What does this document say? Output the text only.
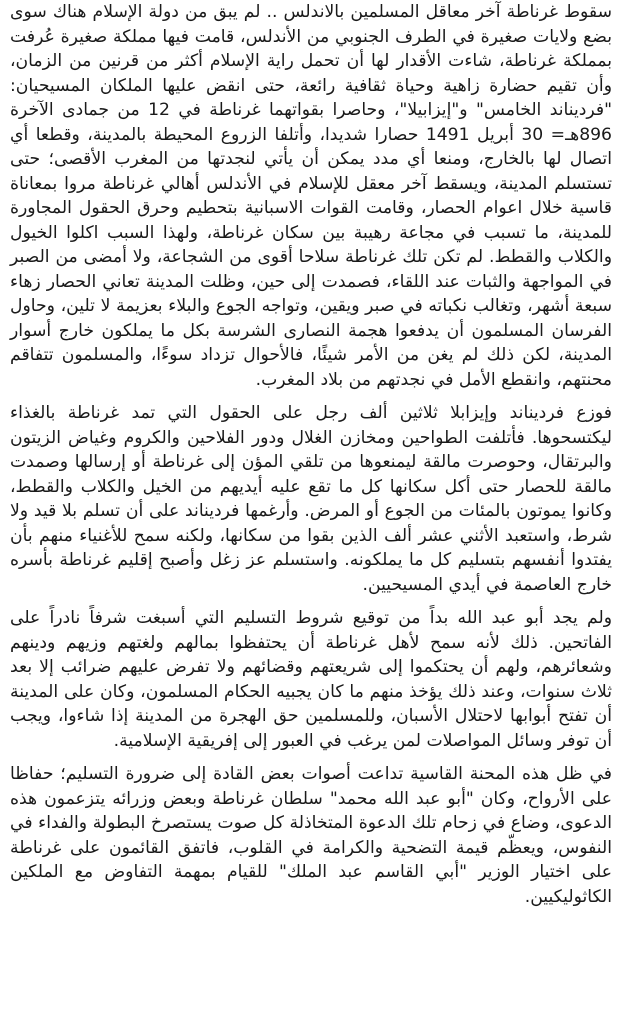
سقوط غرناطة آخر معاقل المسلمين بالاندلس .. لم يبق من دولة الإسلام هناك سوى بضع ولايات صغيرة في الطرف الجنوبي من الأندلس، قامت فيها مملكة صغيرة عُرفت بمملكة غرناطة، شاءت الأقدار لها أن تحمل راية الإسلام أكثر من قرنين من الزمان، وأن تقيم حضارة زاهية وحياة ثقافية رائعة، حتى انقض عليها الملكان المسيحيان: "فرديناند الخامس" و"إيزابيلا"، وحاصرا بقواتهما غرناطة في 12 من جمادى الآخرة 896هـ= 30 أبريل 1491 حصارا شديدا، وأتلفا الزروع المحيطة بالمدينة، وقطعا أي اتصال لها بالخارج، ومنعا أي مدد يمكن أن يأتي لنجدتها من المغرب الأقصى؛ حتى تستسلم المدينة، ويسقط آخر معقل للإسلام في الأندلس أهالي غرناطة مروا بمعاناة قاسية خلال اعوام الحصار، وقامت القوات الاسبانية بتحطيم وحرق الحقول المجاورة للمدينة، ما تسبب في مجاعة رهيبة بين سكان غرناطة، ولهذا السبب اكلوا الخيول والكلاب والقطط. لم تكن تلك غرناطة سلاحا أقوى من الشجاعة، ولا أمضى من الصبر في المواجهة والثبات عند اللقاء، فصمدت إلى حين، وظلت المدينة تعاني الحصار زهاء سبعة أشهر، وتغالب نكباته في صبر ويقين، وتواجه الجوع والبلاء بعزيمة لا تلين، وحاول الفرسان المسلمون أن يدفعوا هجمة النصارى الشرسة بكل ما يملكون خارج أسوار المدينة، لكن ذلك لم يغن من الأمر شيئًا، فالأحوال تزداد سوءًا، والمسلمون تتفاقم محنتهم، وانقطع الأمل في نجدتهم من بلاد المغرب.

فوزع فرديناند وإيزابلا ثلاثين ألف رجل على الحقول التي تمد غرناطة بالغذاء ليكتسحوها. فأتلفت الطواحين ومخازن الغلال ودور الفلاحين والكروم وغياض الزيتون والبرتقال، وحوصرت مالقة ليمنعوها من تلقي المؤن إلى غرناطة أو إرسالها وصمدت مالقة للحصار حتى أكل سكانها كل ما تقع عليه أيديهم من الخيل والكلاب والقطط، وكانوا يموتون بالمئات من الجوع أو المرض. وأرغمها فرديناند على أن تسلم بلا قيد ولا شرط، واستعبد الأثني عشر ألف الذين بقوا من سكانها، ولكنه سمح للأغنياء منهم بأن يفتدوا أنفسهم بتسليم كل ما يملكونه. واستسلم عز زغل وأصبح إقليم غرناطة بأسره خارج العاصمة في أيدي المسيحيين.

ولم يجد أبو عبد الله بداً من توقيع شروط التسليم التي أسبغت شرفاً نادراً على الفاتحين. ذلك لأنه سمح لأهل غرناطة أن يحتفظوا بمالهم ولغتهم وزيهم ودينهم وشعائرهم، ولهم أن يحتكموا إلى شريعتهم وقضائهم ولا تفرض عليهم ضرائب إلا بعد ثلاث سنوات، وعند ذلك يؤخذ منهم ما كان يجبيه الحكام المسلمون، وكان على المدينة أن تفتح أبوابها لاحتلال الأسبان، وللمسلمين حق الهجرة من المدينة إذا شاءوا، ويجب أن توفر وسائل المواصلات لمن يرغب في العبور إلى إفريقية الإسلامية.

في ظل هذه المحنة القاسية تداعت أصوات بعض القادة إلى ضرورة التسليم؛ حفاظا على الأرواح، وكان "أبو عبد الله محمد" سلطان غرناطة وبعض وزرائه يتزعمون هذه الدعوى، وضاع في زحام تلك الدعوة المتخاذلة كل صوت يستصرخ البطولة والفداء في النفوس، ويعظّم قيمة التضحية والكرامة في القلوب، فاتفق القائمون على غرناطة على اختيار الوزير "أبي القاسم عبد الملك" للقيام بمهمة التفاوض مع الملكين الكاثوليكيين.
